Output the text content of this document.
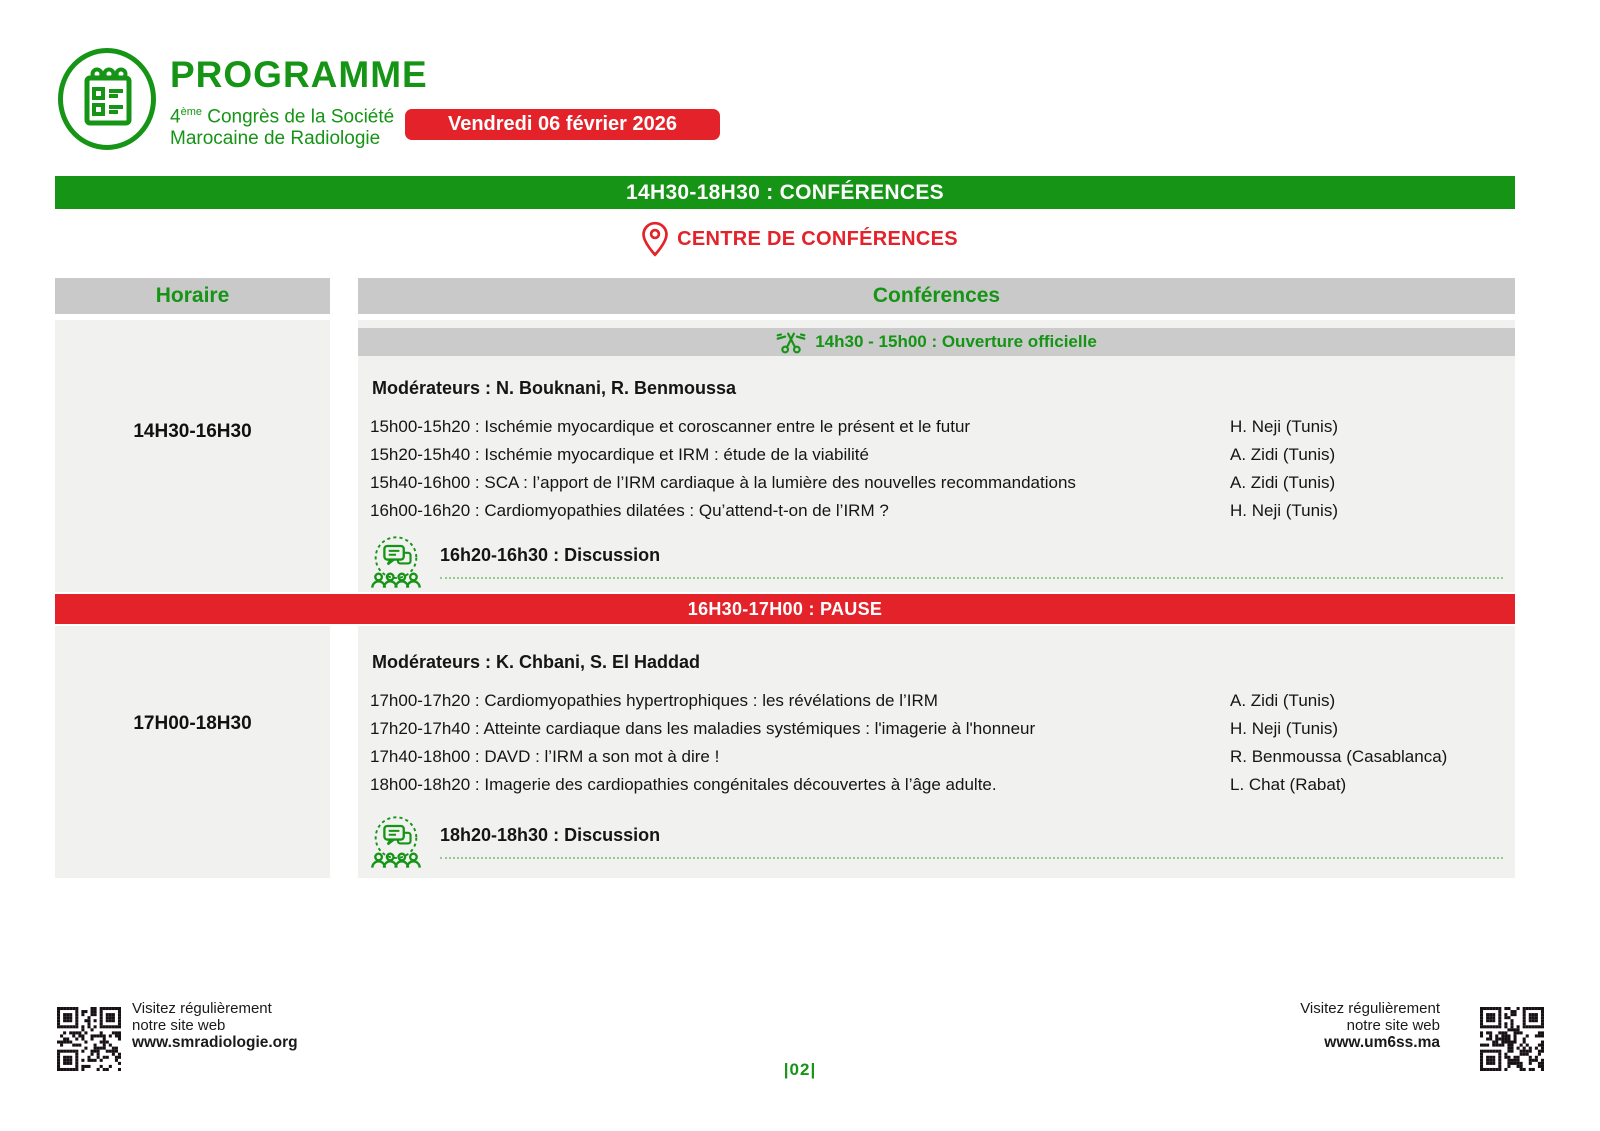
PROGRAMME
4ème Congrès de la Société
Marocaine de Radiologie
Vendredi 06 février 2026
14H30-18H30 : CONFÉRENCES
CENTRE DE CONFÉRENCES
Horaire	Conférences
14H30-16H30
14h30 - 15h00 : Ouverture officielle
Modérateurs : N. Bouknani, R. Benmoussa
15h00-15h20 : Ischémie myocardique et coroscanner entre le présent et le futur	H. Neji (Tunis)
15h20-15h40 : Ischémie myocardique et IRM : étude de la viabilité	A. Zidi (Tunis)
15h40-16h00 : SCA : l’apport de l’IRM cardiaque à la lumière des nouvelles recommandations	A. Zidi (Tunis)
16h00-16h20 : Cardiomyopathies dilatées : Qu’attend-t-on de l’IRM ?	H. Neji (Tunis)
16h20-16h30 : Discussion
16H30-17H00 : PAUSE
17H00-18H30
Modérateurs : K. Chbani, S. El Haddad
17h00-17h20 : Cardiomyopathies hypertrophiques : les révélations de l’IRM	A. Zidi (Tunis)
17h20-17h40 : Atteinte cardiaque dans les maladies systémiques : l'imagerie à l'honneur	H. Neji (Tunis)
17h40-18h00 : DAVD : l’IRM a son mot à dire !	R. Benmoussa (Casablanca)
18h00-18h20 : Imagerie des cardiopathies congénitales découvertes à l’âge adulte.	L. Chat (Rabat)
18h20-18h30 : Discussion
Visitez régulièrement
notre site web
www.smradiologie.org
|02|
Visitez régulièrement
notre site web
www.um6ss.ma
